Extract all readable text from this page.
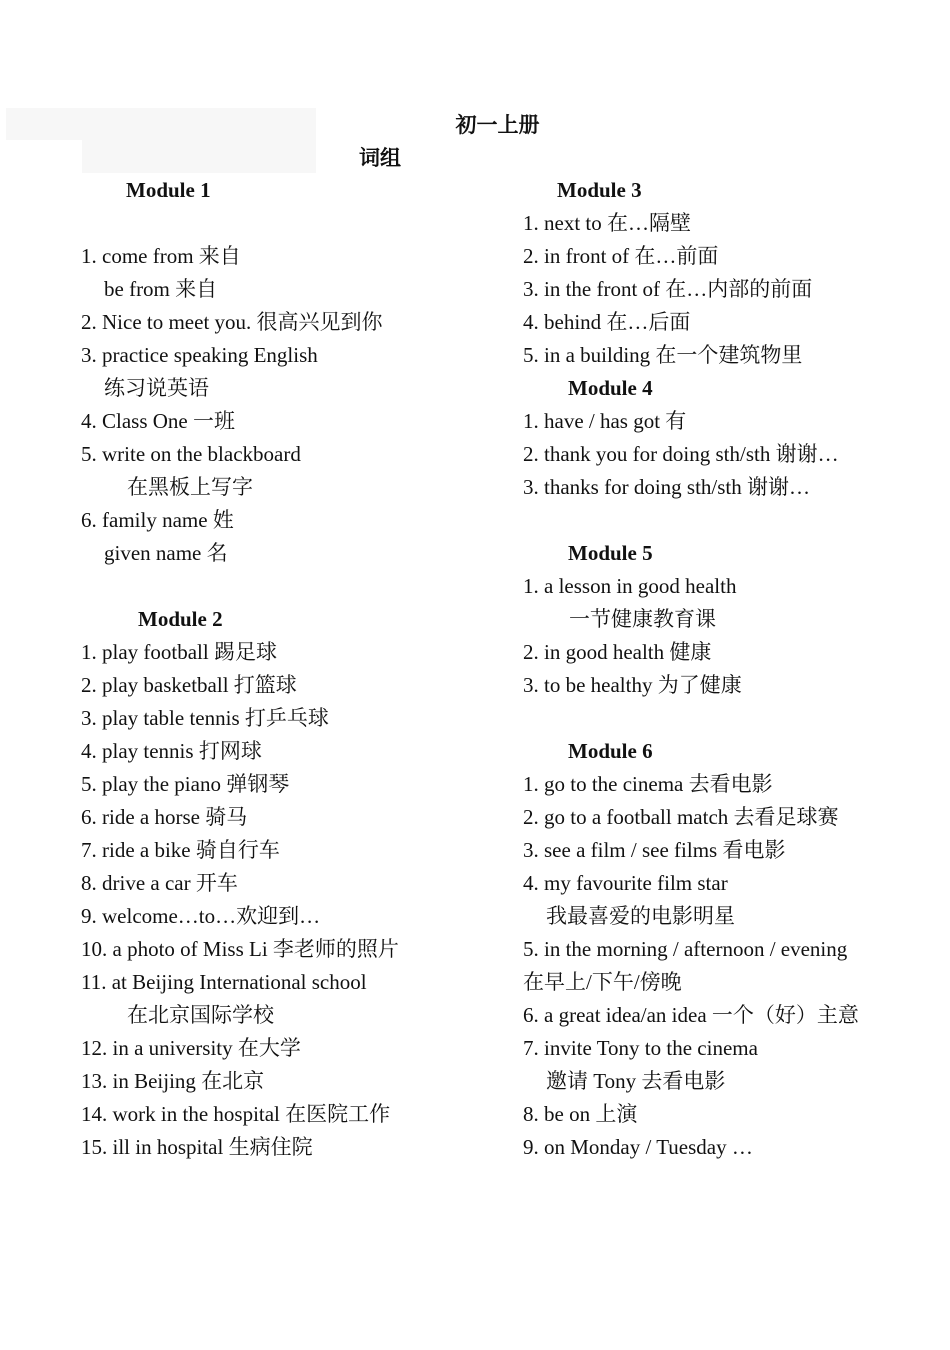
初一上册
词组
Module 1
1. come from 来自
be from 来自
2. Nice to meet you. 很高兴见到你
3. practice speaking English
练习说英语
4. Class One 一班
5. write on the blackboard
在黑板上写字
6. family name 姓
given name 名
Module 2
1. play football 踢足球
2. play basketball 打篮球
3. play table tennis 打乒乓球
4. play tennis 打网球
5. play the piano 弹钢琴
6. ride a horse 骑马
7. ride a bike 骑自行车
8. drive a car 开车
9. welcome…to…欢迎到…
10. a photo of Miss Li 李老师的照片
11. at Beijing International school
在北京国际学校
12. in a university 在大学
13. in Beijing 在北京
14. work in the hospital 在医院工作
15. ill in hospital 生病住院
Module 3
1. next to 在…隔壁
2. in front of 在…前面
3. in the front of 在…内部的前面
4. behind 在…后面
5. in a building 在一个建筑物里
Module 4
1. have / has got 有
2. thank you for doing sth/sth 谢谢…
3. thanks for doing sth/sth 谢谢…
Module 5
1. a lesson in good health
一节健康教育课
2. in good health 健康
3. to be healthy 为了健康
Module 6
1. go to the cinema 去看电影
2. go to a football match 去看足球赛
3. see a film / see films 看电影
4. my favourite film star
我最喜爱的电影明星
5. in the morning / afternoon / evening
在早上/下午/傍晚
6. a great idea/an idea 一个（好）主意
7. invite Tony to the cinema
邀请 Tony 去看电影
8. be on 上演
9. on Monday / Tuesday …
